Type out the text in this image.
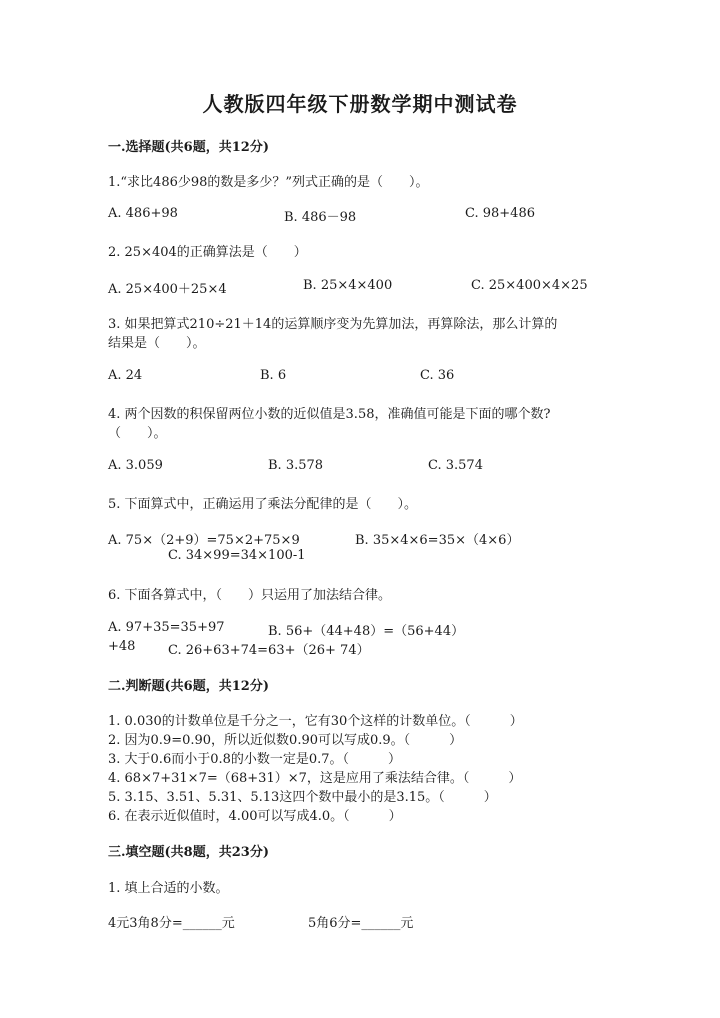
人教版四年级下册数学期中测试卷
一.选择题(共6题，共12分)
1.“求比486少98的数是多少？”列式正确的是（　　）。
A. 486+98	B. 486－98	C. 98+486
2. 25×404的正确算法是（　　）
A. 25×400＋25×4	B. 25×4×400	C. 25×400×4×25
3. 如果把算式210÷21＋14的运算顺序变为先算加法，再算除法，那么计算的
结果是（　　）。
A. 24	B. 6	C. 36
4. 两个因数的积保留两位小数的近似值是3.58，准确值可能是下面的哪个数?
（　　）。
A. 3.059	B. 3.578	C. 3.574
5. 下面算式中，正确运用了乘法分配律的是（　　）。
A. 75×（2+9）=75×2+75×9	B. 35×4×6=35×（4×6）
C. 34×99=34×100-1
6. 下面各算式中，（　　）只运用了加法结合律。
A. 97+35=35+97	B. 56+（44+48）=（56+44）
+48	C. 26+63+74=63+（26+ 74）
二.判断题(共6题，共12分)
1. 0.030的计数单位是千分之一，它有30个这样的计数单位。（　　　）
2. 因为0.9=0.90，所以近似数0.90可以写成0.9。（　　　）
3. 大于0.6而小于0.8的小数一定是0.7。（　　　）
4. 68×7+31×7=（68+31）×7，这是应用了乘法结合律。（　　　）
5. 3.15、3.51、5.31、5.13这四个数中最小的是3.15。（　　　）
6. 在表示近似值时，4.00可以写成4.0。（　　　）
三.填空题(共8题，共23分)
1. 填上合适的小数。
4元3角8分=______元	5角6分=______元
